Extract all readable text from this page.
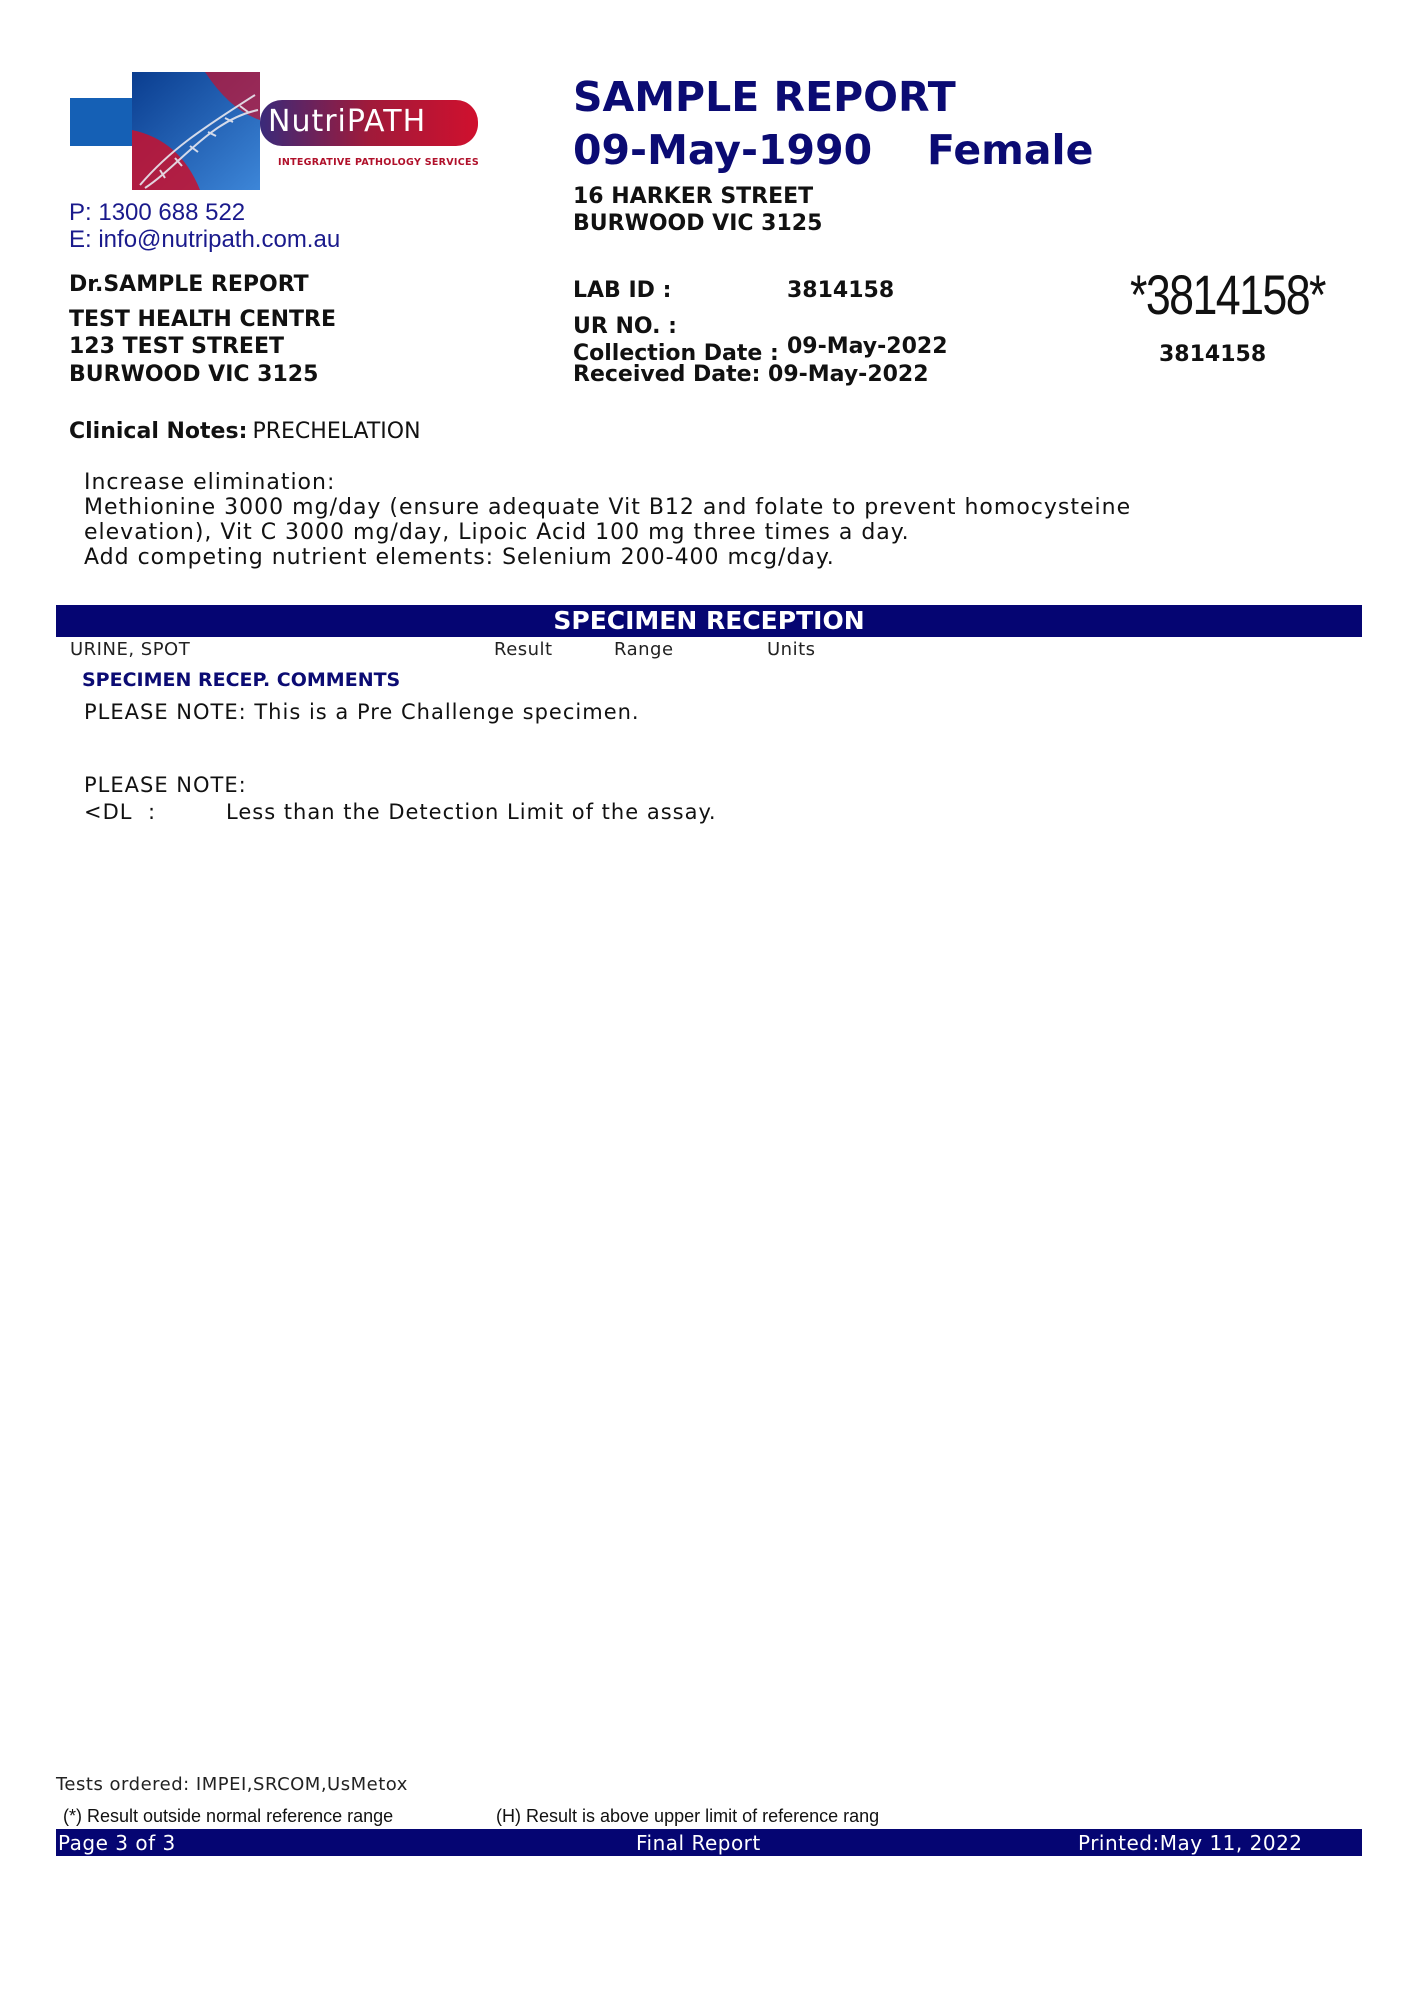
NutriPATH
INTEGRATIVE PATHOLOGY SERVICES
P: 1300 688 522
E: info@nutripath.com.au
SAMPLE REPORT
09-May-1990 Female
16 HARKER STREET
BURWOOD VIC 3125
Dr.SAMPLE REPORT
TEST HEALTH CENTRE
123 TEST STREET
BURWOOD VIC 3125
LAB ID :	3814158
UR NO. :
Collection Date : 09-May-2022
Received Date: 09-May-2022
*3814158*
3814158
Clinical Notes: PRECHELATION
Increase elimination:
Methionine 3000 mg/day (ensure adequate Vit B12 and folate to prevent homocysteine
elevation), Vit C 3000 mg/day, Lipoic Acid 100 mg three times a day.
Add competing nutrient elements: Selenium 200-400 mcg/day.
SPECIMEN RECEPTION
URINE, SPOT	Result	Range	Units
SPECIMEN RECEP. COMMENTS
PLEASE NOTE: This is a Pre Challenge specimen.
PLEASE NOTE:
<DL :	Less than the Detection Limit of the assay.
Tests ordered: IMPEI,SRCOM,UsMetox
(*) Result outside normal reference range	(H) Result is above upper limit of reference rang
Page 3 of 3	Final Report	Printed:May 11, 2022
